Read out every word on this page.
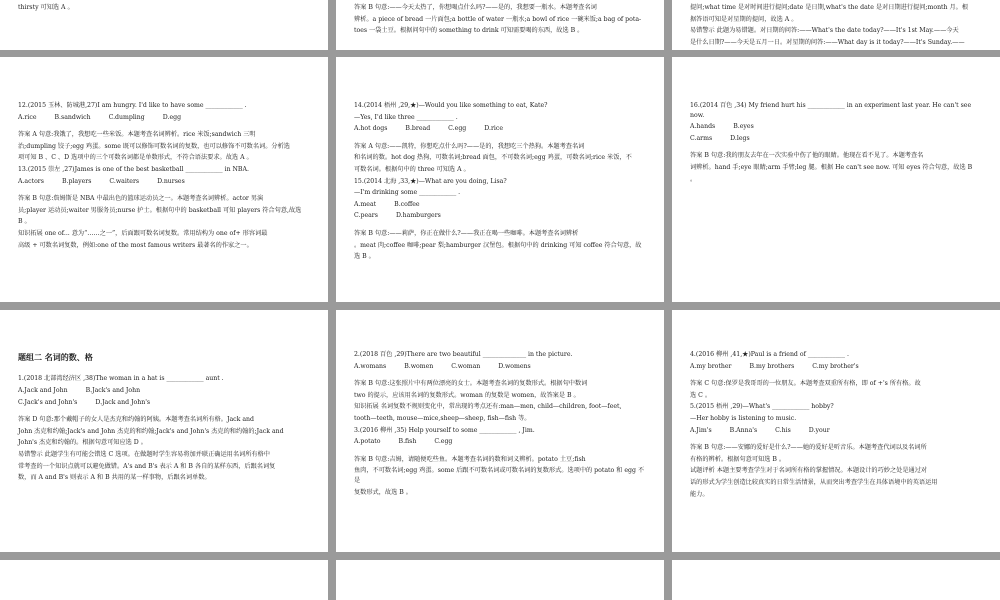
thirsty 可知选 A 。	答案 B 句意:——今天太热了，你想喝点什么吗?——是的，我想要一瓶水。本题考查名词

辨析。a piece of bread 一片面包;a bottle of water 一瓶水;a bowl of rice 一碗米饭;a bag of pota-

toes 一袋土豆。根据问句中的 something to drink 可知需要喝的东西，故选 B 。

提问;what time 是对时间进行提问;date 是日期,what's the date 是对日期进行提问;month 月。根

据答语可知是对星期的提问，故选 A 。

易错警示 此题为易错题。对日期的问答:——What's the date today?——It's 1st May.——今天

是什么日期?——今天是五月一日。对星期的问答:——What day is it today?——It's Sunday.——

12.(2015 玉林、防城港,27)I am hungry. I'd like to have some ____________ .

A.rice	B.sandwich	C.dumpling	D.egg

答案 A 句意:我饿了，我想吃一些米饭。本题考查名词辨析。rice 米饭;sandwich 三明

治;dumpling 饺子;egg 鸡蛋。some 既可以修饰可数名词的复数，也可以修饰不可数名词。分析选

项可知 B 、C 、D 选项中的三个可数名词都是单数形式，不符合语法要求。故选 A 。

13.(2015 崇左 ,27)James is one of the best basketball ____________ in NBA.

A.actors	B.players	C.waiters	D.nurses

答案 B 句意:詹姆斯是 NBA 中最出色的篮球运动员之一。本题考查名词辨析。actor 男演

员;player 运动员;waiter 男服务员;nurse 护士。根据句中的 basketball 可知 players 符合句意,故选

B 。

知识拓展 one of... 意为“……之一”，后面跟可数名词复数。常用结构为 one of+ 形容词最

高级 + 可数名词复数，例如:one of the most famous writers 最著名的作家之一。

14.(2014 梧州 ,29,★)—Would you like something to eat, Kate?

—Yes, I'd like three ____________ .

A.hot dogs	B.bread	C.egg	D.rice

答案 A 句意:——凯特，你想吃点什么吗?——是的，我想吃三个热狗。本题考查名词

和名词的数。hot dog 热狗，可数名词;bread 面包，不可数名词;egg 鸡蛋，可数名词;rice 米饭，不

可数名词。根据句中的 three 可知选 A 。

15.(2014 北海 ,33,★)—What are you doing, Lisa?

—I'm drinking some ____________ .

A.meat	B.coffee
C.pears	D.hamburgers

答案 B 句意:——莉萨，你正在做什么?——我正在喝一些咖啡。本题考查名词辨析

。meat 肉;coffee 咖啡;pear 梨;hamburger 汉堡包。根据句中的 drinking 可知 coffee 符合句意，故

选 B 。

16.(2014 百色 ,34) My friend hurt his ____________ in an experiment last year. He can't see now.

A.hands	B.eyes
C.arms	D.legs

答案 B 句意:我的朋友去年在一次实验中伤了他的眼睛。他现在看不见了。本题考查名

词辨析。hand 手;eye 眼睛;arm 手臂;leg 腿。根据 He can't see now. 可知 eyes 符合句意，故选 B

。

题组二 名词的数、格

1.(2018 北部湾经济区 ,38)The woman in a hat is ____________ aunt .

A.Jack and John	B.Jack's and John
C.Jack's and John's	D.Jack and John's

答案 D 句意:那个戴帽子的女人是杰克和约翰的阿姨。本题考查名词所有格。Jack and

John 杰克和约翰;Jack's and John 杰克的和约翰;Jack's and John's 杰克的和约翰的;Jack and

John's 杰克和约翰的。根据句意可知应选 D 。

易错警示 此题学生有可能会错选 C 选项。在做题时学生容易将加并联正确运用名词所有格中

常考查的一个知识点就可以避免做错。A's and B's 表示 A 和 B 各自的某样东西，后跟名词复

数，而 A and B's 则表示 A 和 B 共用的某一样事物，后跟名词单数。

2.(2018 百色 ,29)There are two beautiful ______________ in the picture.

A.womans	B.women	C.woman	D.womens

答案 B 句意:这张照片中有两位漂亮的女士。本题考查名词的复数形式。根据句中数词

two 的提示，应该用名词的复数形式。woman 的复数是 women，故答案是 B 。

知识拓展 名词复数不规则变化中，常出现的考点还有:man—men, child—children, foot—feet,

tooth—teeth, mouse—mice,sheep—sheep, fish—fish 等。

3.(2016 柳州 ,35) Help yourself to some ____________ , Jim.

A.potato	B.fish	C.egg

答案 B 句意:吉姆，请随便吃些鱼。本题考查名词的数和词义辨析。potato 土豆;fish

鱼肉，不可数名词;egg 鸡蛋。some 后跟不可数名词或可数名词的复数形式。选项中的 potato 和 egg 不是

复数形式，故选 B 。

4.(2016 柳州 ,41,★)Paul is a friend of ____________ .

A.my brother	B.my brothers	C.my brother's

答案 C 句意:保罗是我哥哥的一位朋友。本题考查双重所有格，即 of +'s 所有格。故

选 C 。

5.(2015 梧州 ,29)—What's ____________ hobby?

—Her hobby is listening to music.

A.Jim's	B.Anna's	C.his	D.your

答案 B 句意:——安娜的爱好是什么?——她的爱好是听音乐。本题考查代词以及名词所

有格的辨析。根据句意可知选 B 。

试题评析 本题主要考查学生对于名词所有格的掌握情况。本题设计的巧妙之处是通过对

话的形式为学生创造比较真实的日常生活情景，从而突出考查学生在具体语境中的英语运用

能力。
